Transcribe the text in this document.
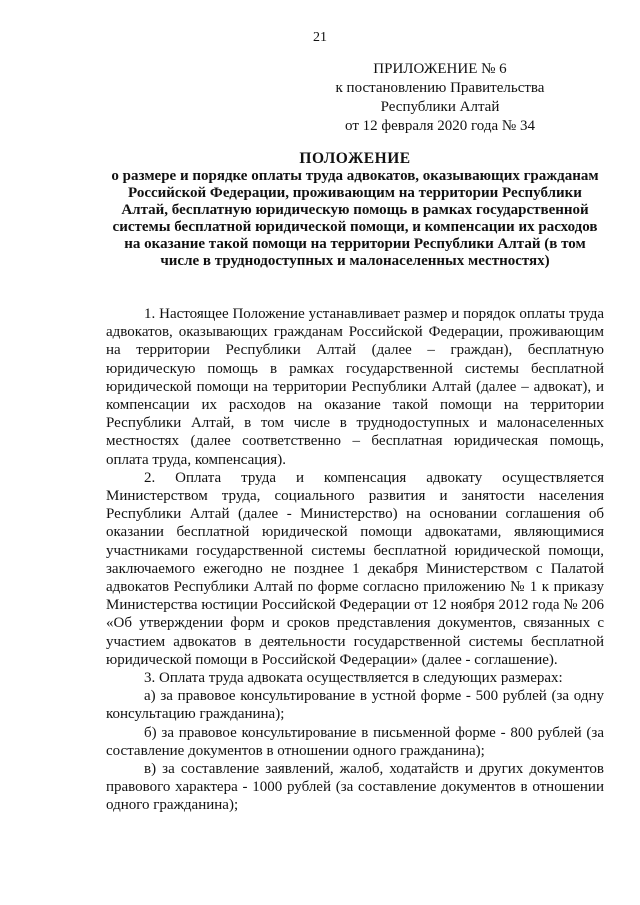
21
ПРИЛОЖЕНИЕ № 6
к постановлению Правительства
Республики Алтай
от 12 февраля 2020 года № 34
ПОЛОЖЕНИЕ
о размере и порядке оплаты труда адвокатов, оказывающих гражданам Российской Федерации, проживающим на территории Республики Алтай, бесплатную юридическую помощь в рамках государственной системы бесплатной юридической помощи, и компенсации их расходов на оказание такой помощи на территории Республики Алтай (в том числе в труднодоступных и малонаселенных местностях)

1. Настоящее Положение устанавливает размер и порядок оплаты труда адвокатов, оказывающих гражданам Российской Федерации, проживающим на территории Республики Алтай (далее – граждан), бесплатную юридическую помощь в рамках государственной системы бесплатной юридической помощи на территории Республики Алтай (далее – адвокат), и компенсации их расходов на оказание такой помощи на территории Республики Алтай, в том числе в труднодоступных и малонаселенных местностях (далее соответственно – бесплатная юридическая помощь, оплата труда, компенсация).

2. Оплата труда и компенсация адвокату осуществляется Министерством труда, социального развития и занятости населения Республики Алтай (далее - Министерство) на основании соглашения об оказании бесплатной юридической помощи адвокатами, являющимися участниками государственной системы бесплатной юридической помощи, заключаемого ежегодно не позднее 1 декабря Министерством с Палатой адвокатов Республики Алтай по форме согласно приложению № 1 к приказу Министерства юстиции Российской Федерации от 12 ноября 2012 года № 206 «Об утверждении форм и сроков представления документов, связанных с участием адвокатов в деятельности государственной системы бесплатной юридической помощи в Российской Федерации» (далее - соглашение).

3. Оплата труда адвоката осуществляется в следующих размерах:

а) за правовое консультирование в устной форме - 500 рублей (за одну консультацию гражданина);

б) за правовое консультирование в письменной форме - 800 рублей (за составление документов в отношении одного гражданина);

в) за составление заявлений, жалоб, ходатайств и других документов правового характера - 1000 рублей (за составление документов в отношении одного гражданина);
